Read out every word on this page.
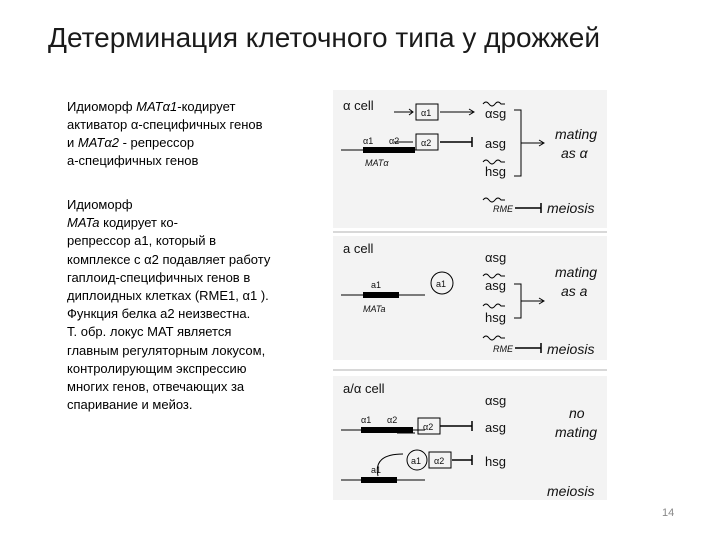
Детерминация клеточного типа у дрожжей

Идиоморф MATα1-кодирует

активатор α-специфичных генов

и MATα2 - репрессор

а-специфичных генов

Идиоморф
MATa кодирует ко-
репрессор а1, который в
комплексе с α2 подавляет работу
гаплоид-специфичных генов в
диплоидных клетках (RME1, α1 ).
Функция белка а2 неизвестна.
Т. обр. локус MAT является
главным регуляторным локусом,
контролирующим экспрессию
многих генов, отвечающих за
спаривание и мейоз.
α cell
α1 α2
MATα
α1
α2
αsg
asg
hsg
RME
mating
as α
meiosis
a cell
a1
MATa
a1
αsg
asg
hsg
RME
mating
as a
meiosis
a/α cell
α1 α2
a1
α2
a1 α2
αsg
asg
hsg
no
mating
meiosis
14
